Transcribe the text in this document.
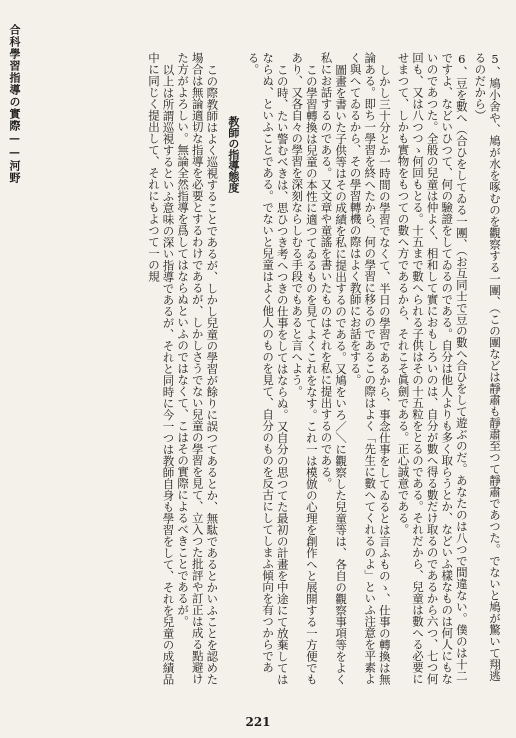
合科學習指導の實際——河野	5、鳩小舍や、鳩が水を啄むのを觀察する一團、（この團などは靜肅も靜肅至つて靜肅であつた。でないと鳩が驚いて翔逃るのだから）

6、豆を數へ（合ひをしてゐる一團、（お互同士で豆の數へ合ひをして遊ぶのだ。あなたのは八つで間違ない。僕のは十二ですよ、などいひつて、何の驗證をしてゐるのである。自分は他人よりも多く取らうとか、などいふ樣なものは何人にもないのであつた。全般の兒童は仲よく、相和して實におもしろいのは、自分が數へ得る數だけ取るのであるから六つ、七つ何回も、又は八つつゝ何回もとる。十五まで數へられる子供はその十五粒をとるのである。それだから、兒童は數へる必要にせまつて、しかも實物をもつての數へ方であるから、それこそ眞劍である。正心誠意である。

しかし三十分とか一時間の學習でなくて、半日の學習であるから、事念仕事をしてゐるとは言ふものゝ、仕事の轉換は無論ある。即ち一學習を終へたから、何の學習に移るのであるこの際はよく「先生に數へてくれるのよ」といふ注意を平素よく與へてゐるから、その學習轉機の際はよく教師にお話をする。

圖畫を書いた子供等はその成績を私に提出するのである。又鳩をいろ／＼に觀察した兒童等は、各自の觀察事項等をよく私にお話するのである。又文章や童謠を書いたものはそれを私に提出するのである。

この學習轉換は兒童の本性に適つてゐるものを見てよくこれをなす。これ一は模倣の心理を創作へと展開する一方便でもあり、又各自々の學習を深刻ならしむる手段でもあると言へよう。

この時、たい警むべきは、思ひつき考へつきの仕事をしてはならぬ。又自分の思つてた最初の計畫を中途にて放棄してはならぬ、といふことである。でないと兒童はよく他人のものを見て、自分のものを反古にしてしまふ傾向を有つからである。

教師の指導態度

この際教師はよく巡視することであるが、しかし兒童の學習が餘りに誤つてあるとか、無駄であるとかいふことを認めた場合は無論適切な指導を必要とするわけであるが、しかしさうでない兒童の學習を見て、立入つた批評や訂正は成る點避けた方がよろしい。無論全然指導を爲してはならぬといふのではなくて、こはその實際によるべきことであるが。

以上は所謂巡視するといふ意味の深い指導であるが、それと同時に今一つは教師自身も學習をして、それを兒童の成績品中に同じく提出して、それにもよつて一の規

221
